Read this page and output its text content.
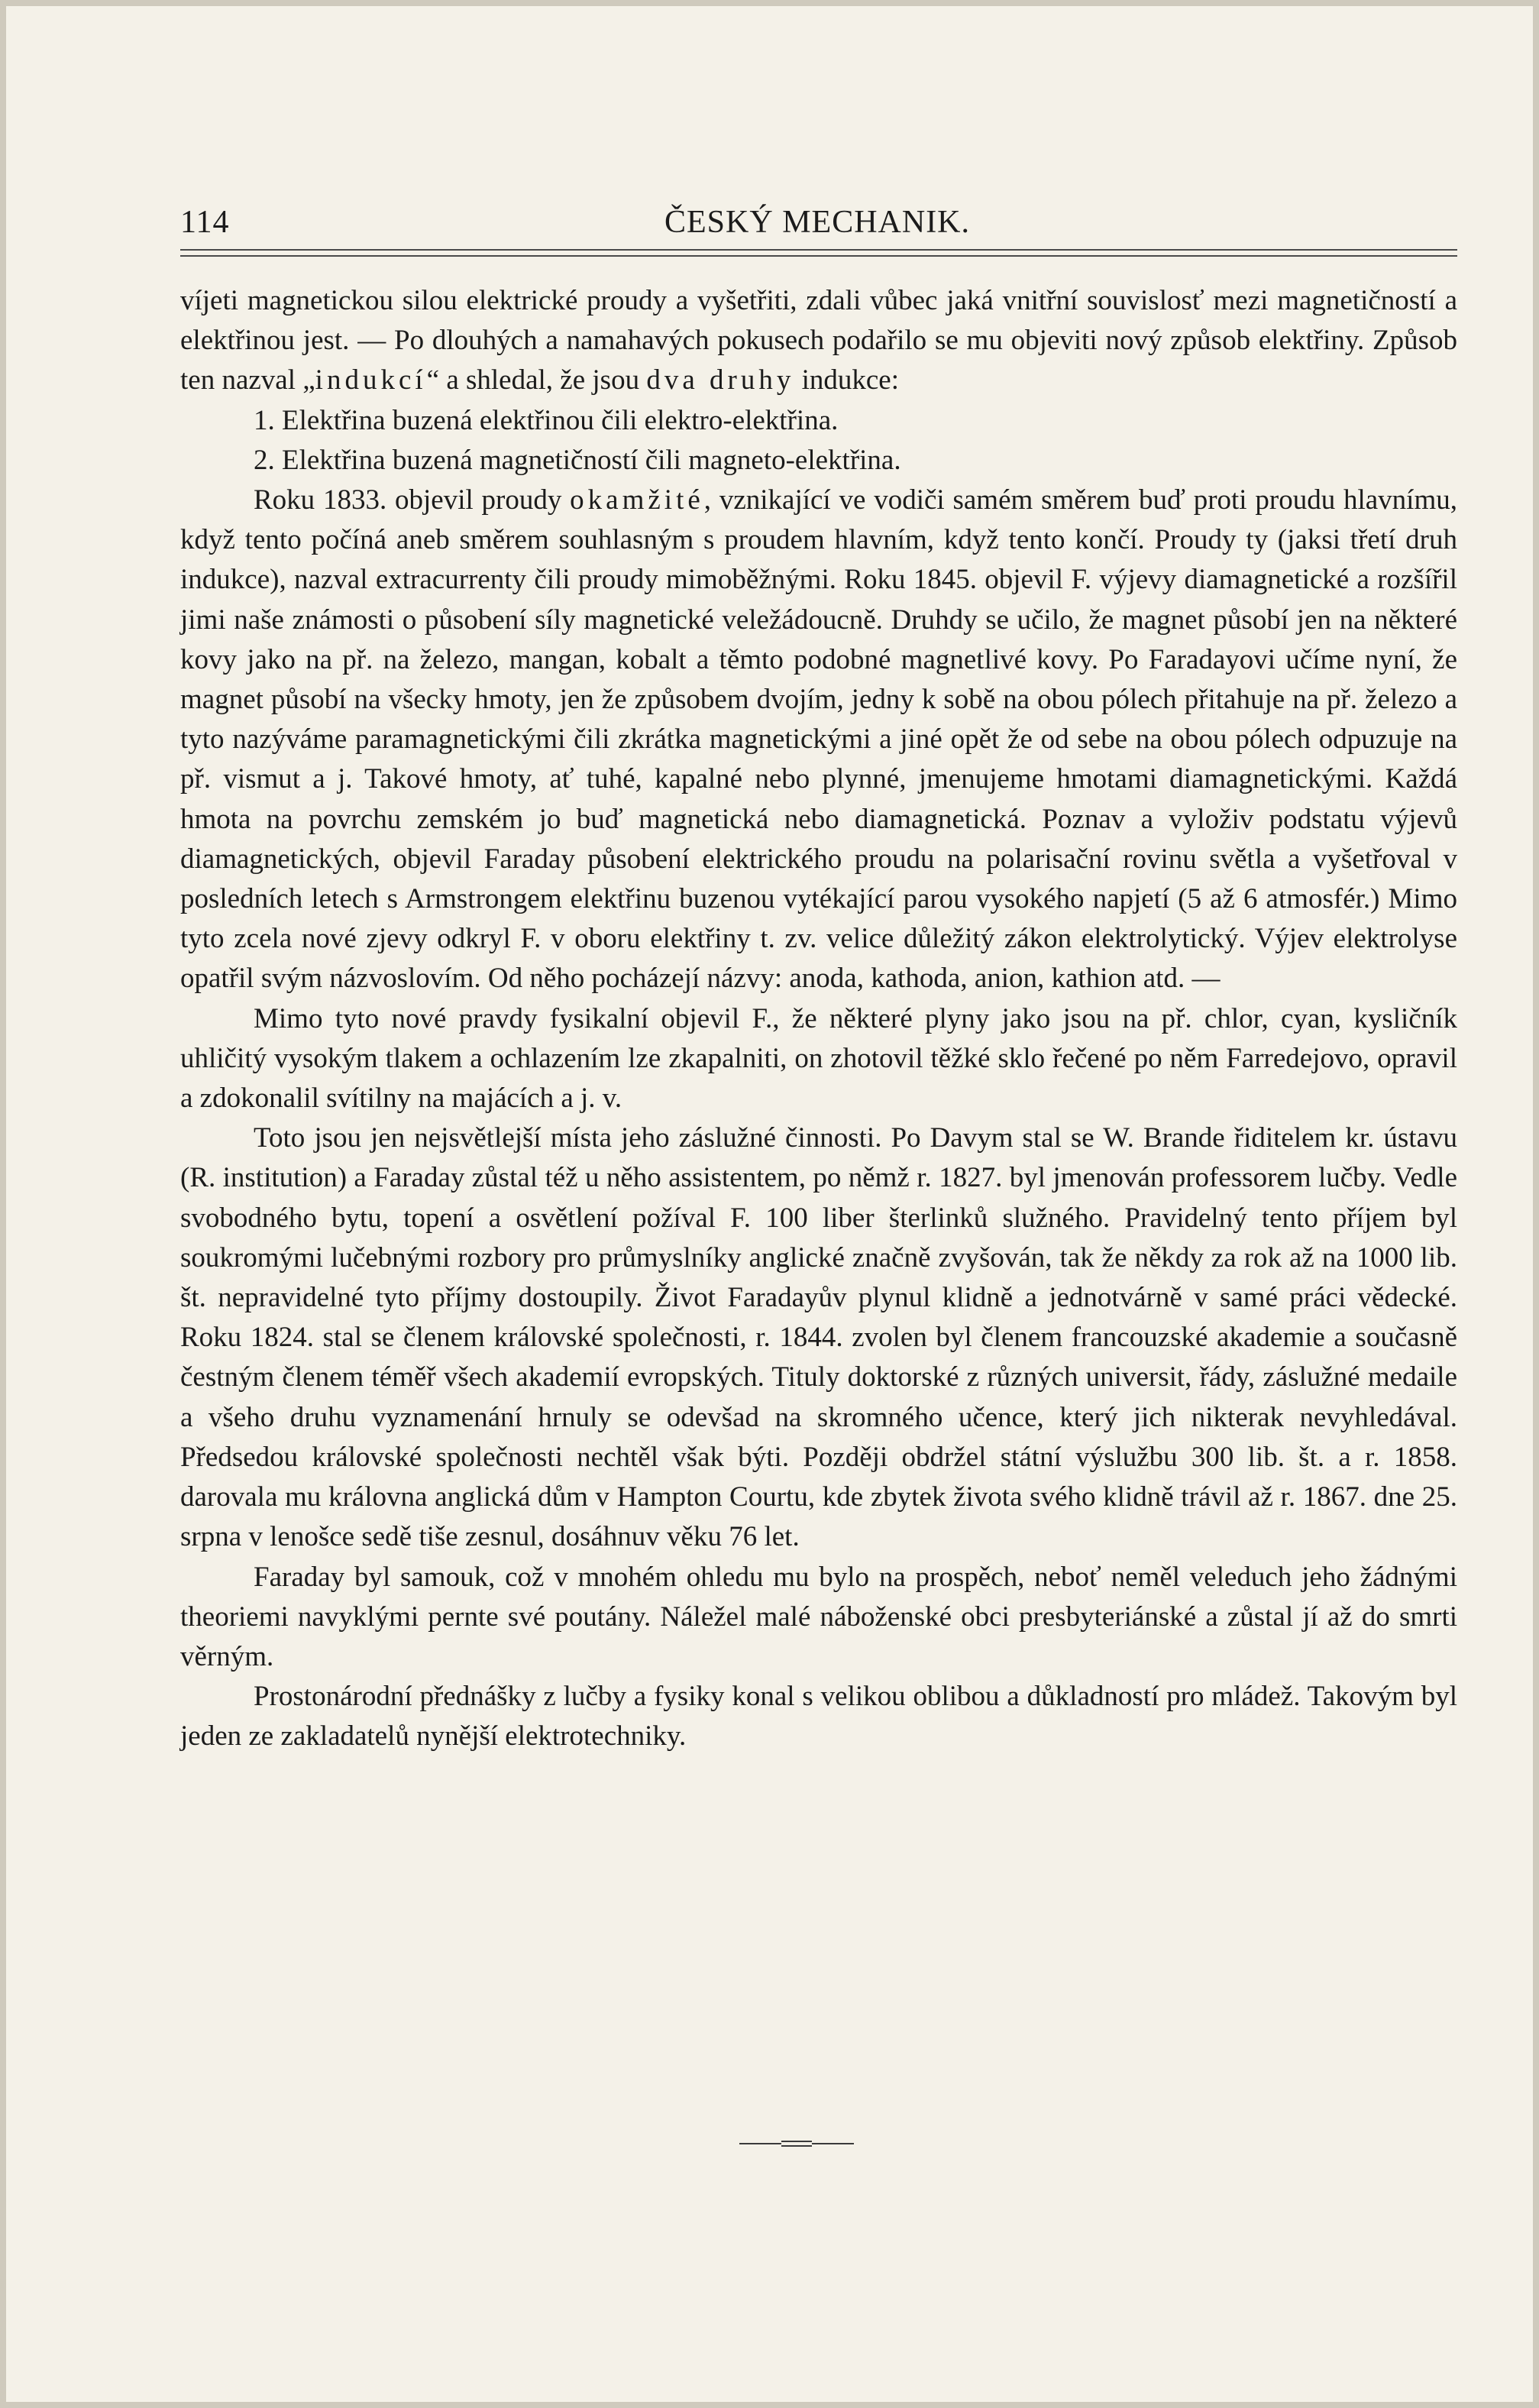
114	ČESKÝ MECHANIK.

víjeti magnetickou silou elektrické proudy a vyšetřiti, zdali vůbec jaká vnitřní souvislosť mezi magnetičností a elektřinou jest. — Po dlouhých a namahavých pokusech podařilo se mu objeviti nový způsob elektřiny. Způsob ten nazval „indukcí“ a shledal, že jsou dva druhy indukce:

1. Elektřina buzená elektřinou čili elektro-elektřina.

2. Elektřina buzená magnetičností čili magneto-elektřina.

Roku 1833. objevil proudy okamžité, vznikající ve vodiči samém směrem buď proti proudu hlavnímu, když tento počíná aneb směrem souhlasným s proudem hlavním, když tento končí. Proudy ty (jaksi třetí druh indukce), nazval extracurrenty čili proudy mimoběžnými. Roku 1845. objevil F. výjevy diamagnetické a rozšířil jimi naše známosti o působení síly magnetické veležádoucně. Druhdy se učilo, že magnet působí jen na některé kovy jako na př. na železo, mangan, kobalt a těmto podobné magnetlivé kovy. Po Faradayovi učíme nyní, že magnet působí na všecky hmoty, jen že způsobem dvojím, jedny k sobě na obou pólech přitahuje na př. železo a tyto nazýváme paramagnetickými čili zkrátka magnetickými a jiné opět že od sebe na obou pólech odpuzuje na př. vismut a j. Takové hmoty, ať tuhé, kapalné nebo plynné, jmenujeme hmotami diamagnetickými. Každá hmota na povrchu zemském jo buď magnetická nebo diamagnetická. Poznav a vyloživ podstatu výjevů diamagnetických, objevil Faraday působení elektrického proudu na polarisační rovinu světla a vyšetřoval v posledních letech s Armstrongem elektřinu buzenou vytékající parou vysokého napjetí (5 až 6 atmosfér.) Mimo tyto zcela nové zjevy odkryl F. v oboru elektřiny t. zv. velice důležitý zákon elektrolytický. Výjev elektrolyse opatřil svým názvoslovím. Od něho pocházejí názvy: anoda, kathoda, anion, kathion atd. —

Mimo tyto nové pravdy fysikalní objevil F., že některé plyny jako jsou na př. chlor, cyan, kysličník uhličitý vysokým tlakem a ochlazením lze zkapalniti, on zhotovil těžké sklo řečené po něm Farredejovo, opravil a zdokonalil svítilny na majácích a j. v.

Toto jsou jen nejsvětlejší místa jeho záslužné činnosti. Po Davym stal se W. Brande řiditelem kr. ústavu (R. institution) a Faraday zůstal též u něho assistentem, po němž r. 1827. byl jmenován professorem lučby. Vedle svobodného bytu, topení a osvětlení požíval F. 100 liber šterlinků služného. Pravidelný tento příjem byl soukromými lučebnými rozbory pro průmyslníky anglické značně zvyšován, tak že někdy za rok až na 1000 lib. št. nepravidelné tyto příjmy dostoupily. Život Faradayův plynul klidně a jednotvárně v samé práci vědecké. Roku 1824. stal se členem královské společnosti, r. 1844. zvolen byl členem francouzské akademie a současně čestným členem téměř všech akademií evropských. Tituly doktorské z různých universit, řády, záslužné medaile a všeho druhu vyznamenání hrnuly se odevšad na skromného učence, který jich nikterak nevyhledával. Předsedou královské společnosti nechtěl však býti. Později obdržel státní výslužbu 300 lib. št. a r. 1858. darovala mu královna anglická dům v Hampton Courtu, kde zbytek života svého klidně trávil až r. 1867. dne 25. srpna v lenošce sedě tiše zesnul, dosáhnuv věku 76 let.

Faraday byl samouk, což v mnohém ohledu mu bylo na prospěch, neboť neměl veleduch jeho žádnými theoriemi navyklými pernte své poutány. Náležel malé náboženské obci presbyteriánské a zůstal jí až do smrti věrným.

Prostonárodní přednášky z lučby a fysiky konal s velikou oblibou a důkladností pro mládež. Takovým byl jeden ze zakladatelů nynější elektrotechniky.
